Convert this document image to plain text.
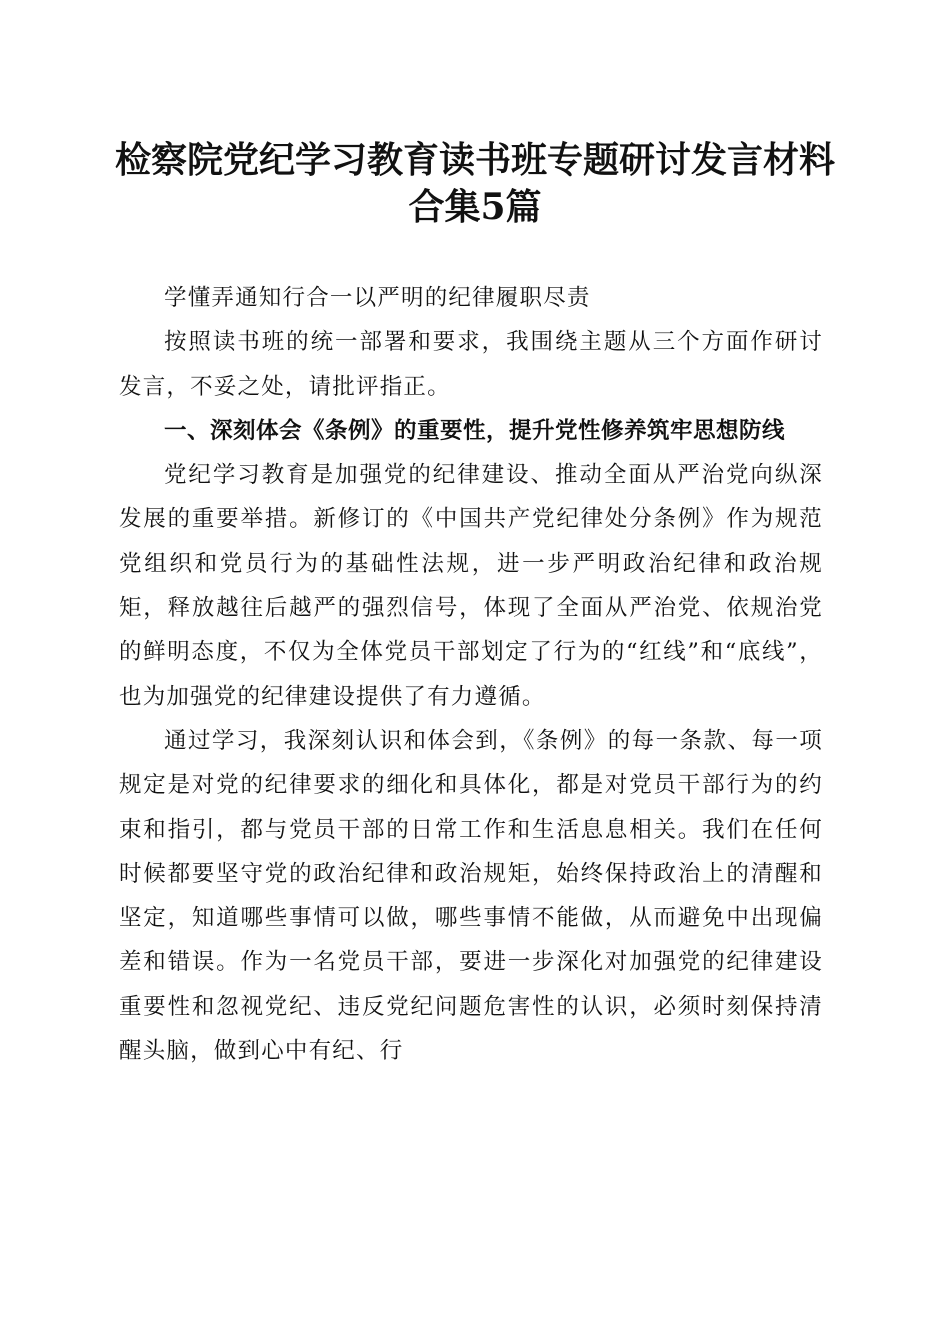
检察院党纪学习教育读书班专题研讨发言材料
合集5篇

学懂弄通知行合一以严明的纪律履职尽责

按照读书班的统一部署和要求，我围绕主题从三个方面作研讨发言，不妥之处，请批评指正。

一、深刻体会《条例》的重要性，提升党性修养筑牢思想防线

党纪学习教育是加强党的纪律建设、推动全面从严治党向纵深发展的重要举措。新修订的《中国共产党纪律处分条例》作为规范党组织和党员行为的基础性法规，进一步严明政治纪律和政治规矩，释放越往后越严的强烈信号，体现了全面从严治党、依规治党的鲜明态度，不仅为全体党员干部划定了行为的“红线”和“底线”，也为加强党的纪律建设提供了有力遵循。

通过学习，我深刻认识和体会到，《条例》的每一条款、每一项规定是对党的纪律要求的细化和具体化，都是对党员干部行为的约束和指引，都与党员干部的日常工作和生活息息相关。我们在任何时候都要坚守党的政治纪律和政治规矩，始终保持政治上的清醒和坚定，知道哪些事情可以做，哪些事情不能做，从而避免中出现偏差和错误。作为一名党员干部，要进一步深化对加强党的纪律建设重要性和忽视党纪、违反党纪问题危害性的认识，必须时刻保持清醒头脑，做到心中有纪、行
